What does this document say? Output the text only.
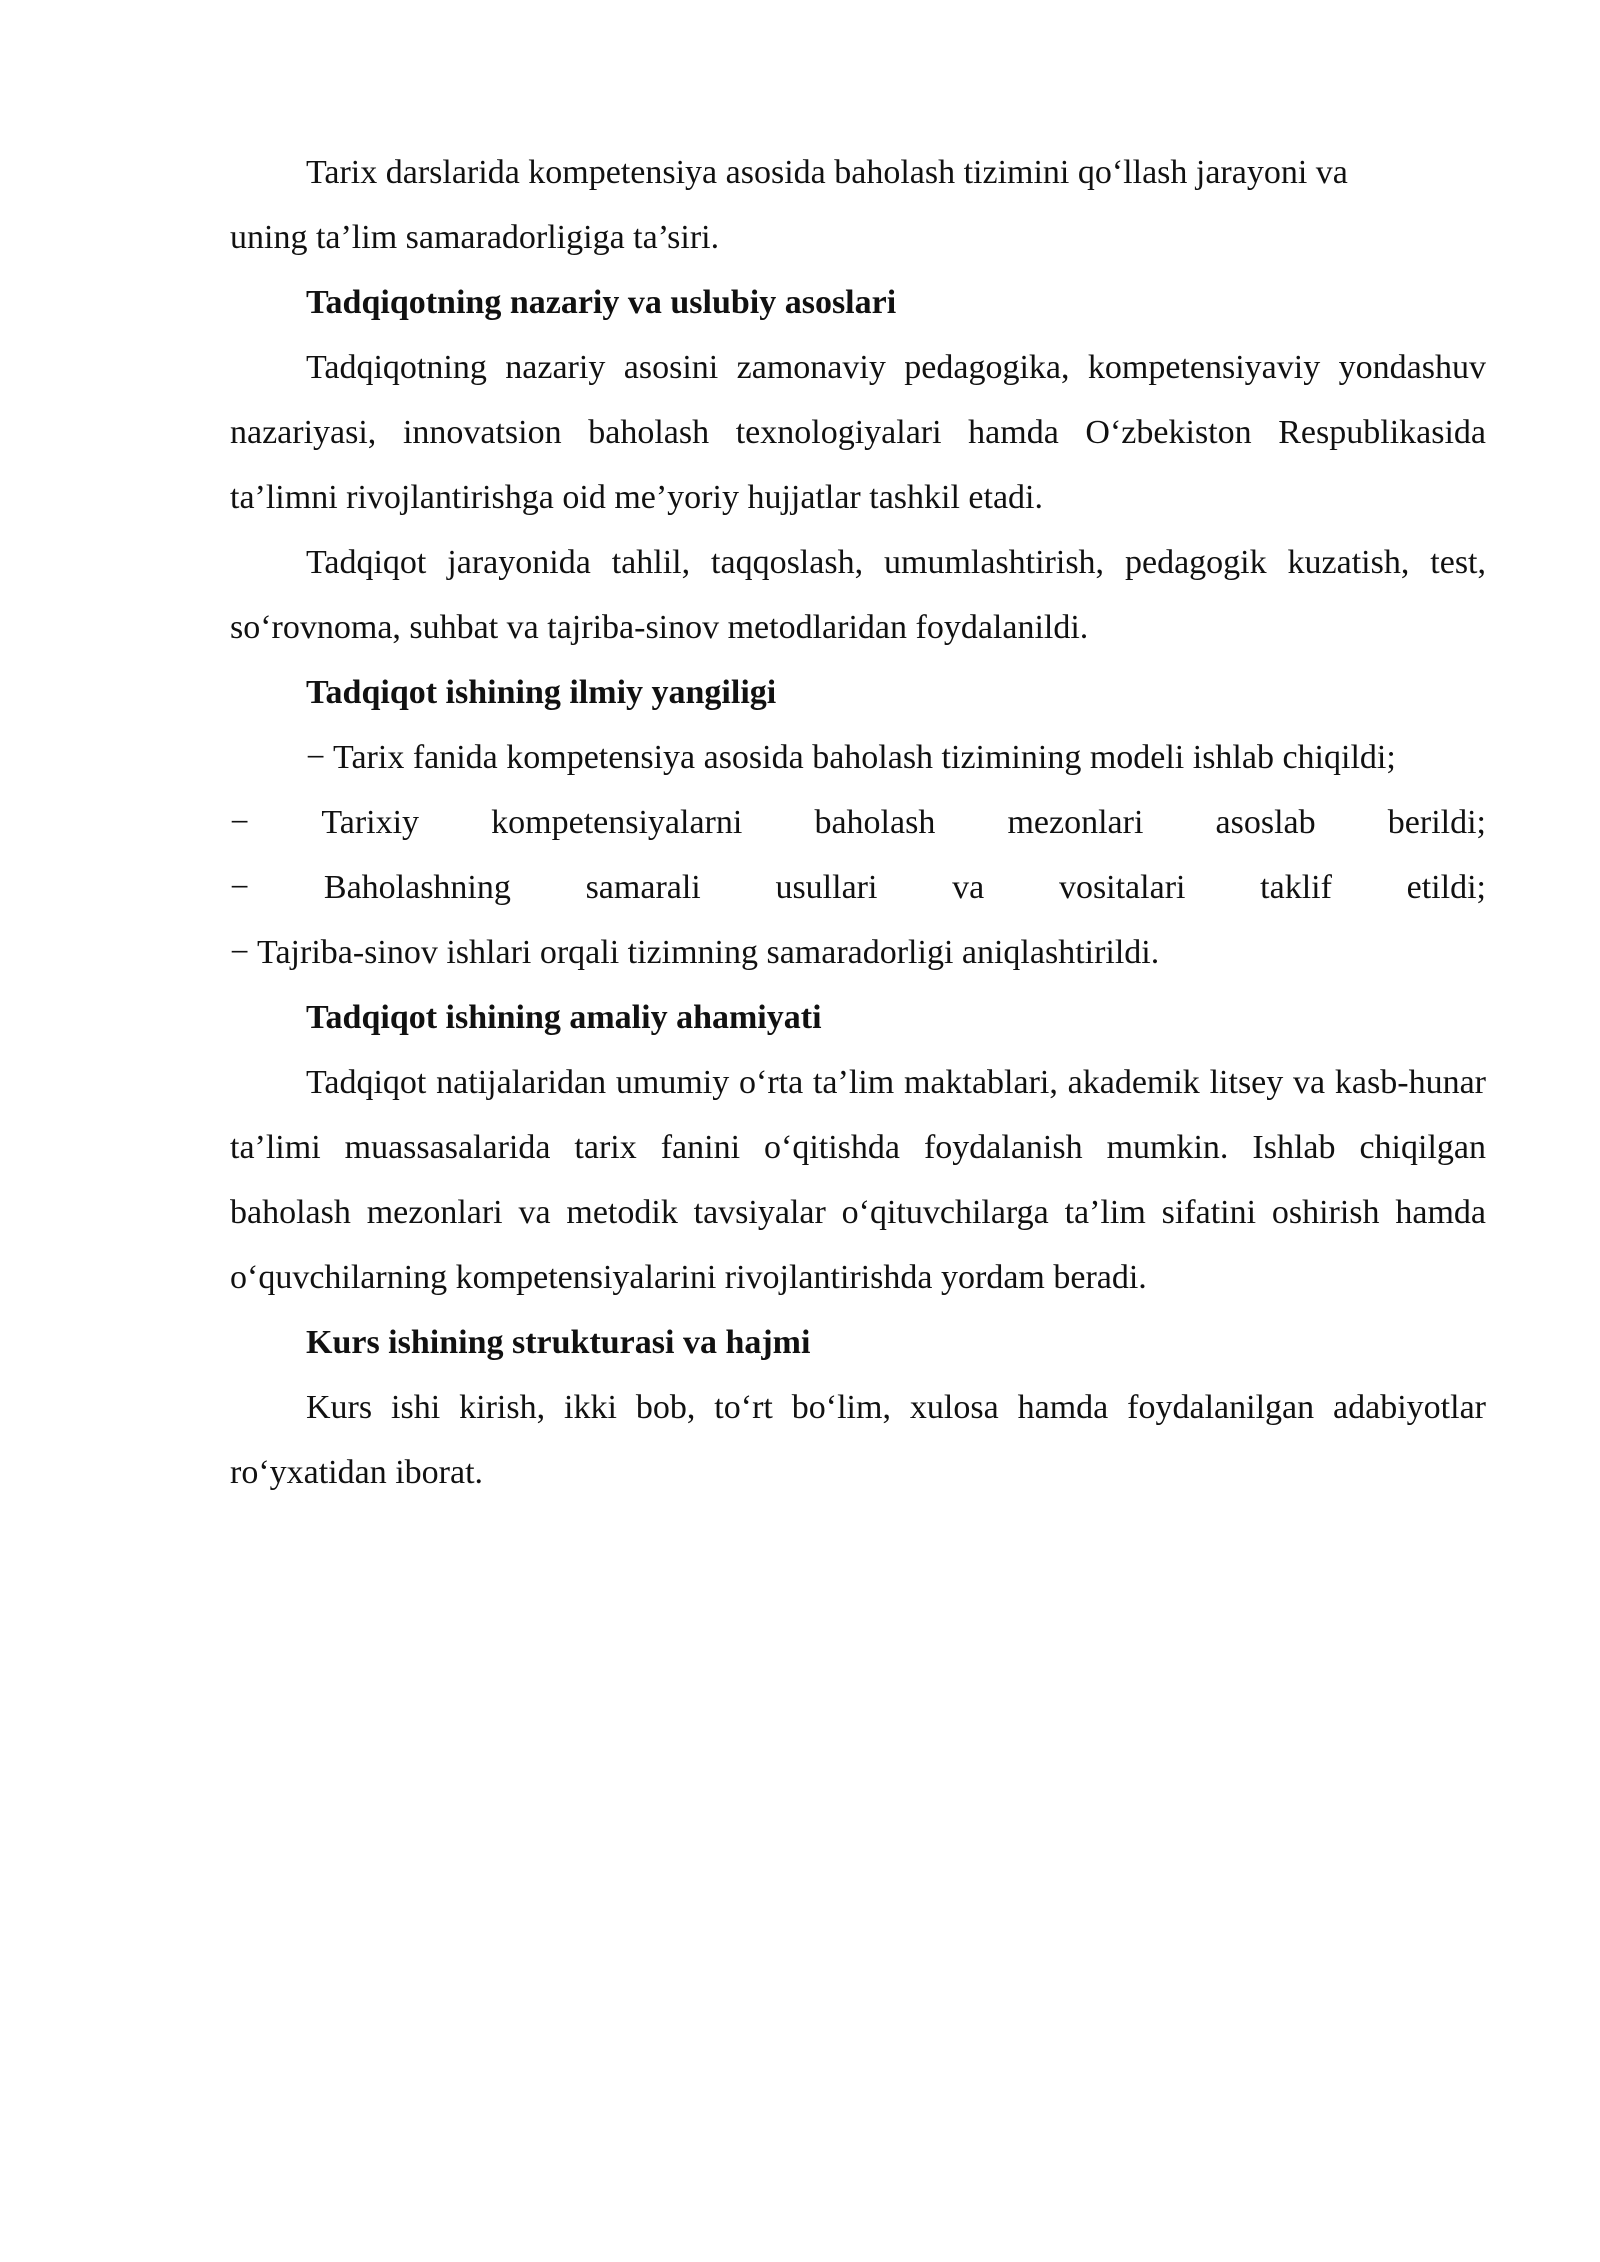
Tarix darslarida kompetensiya asosida baholash tizimini qo‘llash jarayoni va
uning ta’lim samaradorligiga ta’siri.

Tadqiqotning nazariy va uslubiy asoslari

Tadqiqotning nazariy asosini zamonaviy pedagogika, kompetensiyaviy yondashuv nazariyasi, innovatsion baholash texnologiyalari hamda O‘zbekiston Respublikasida ta’limni rivojlantirishga oid me’yoriy hujjatlar tashkil etadi.

Tadqiqot jarayonida tahlil, taqqoslash, umumlashtirish, pedagogik kuzatish, test, so‘rovnoma, suhbat va tajriba-sinov metodlaridan foydalanildi.

Tadqiqot ishining ilmiy yangiligi

− Tarix fanida kompetensiya asosida baholash tizimining modeli ishlab chiqildi;

− Tarixiy kompetensiyalarni baholash mezonlari asoslab berildi;
− Baholashning samarali usullari va vositalari taklif etildi;

− Tajriba-sinov ishlari orqali tizimning samaradorligi aniqlashtirildi.

Tadqiqot ishining amaliy ahamiyati

Tadqiqot natijalaridan umumiy o‘rta ta’lim maktablari, akademik litsey va kasb-hunar ta’limi muassasalarida tarix fanini o‘qitishda foydalanish mumkin. Ishlab chiqilgan baholash mezonlari va metodik tavsiyalar o‘qituvchilarga ta’lim sifatini oshirish hamda o‘quvchilarning kompetensiyalarini rivojlantirishda yordam beradi.

Kurs ishining strukturasi va hajmi

Kurs ishi kirish, ikki bob, to‘rt bo‘lim, xulosa hamda foydalanilgan adabiyotlar ro‘yxatidan iborat.
